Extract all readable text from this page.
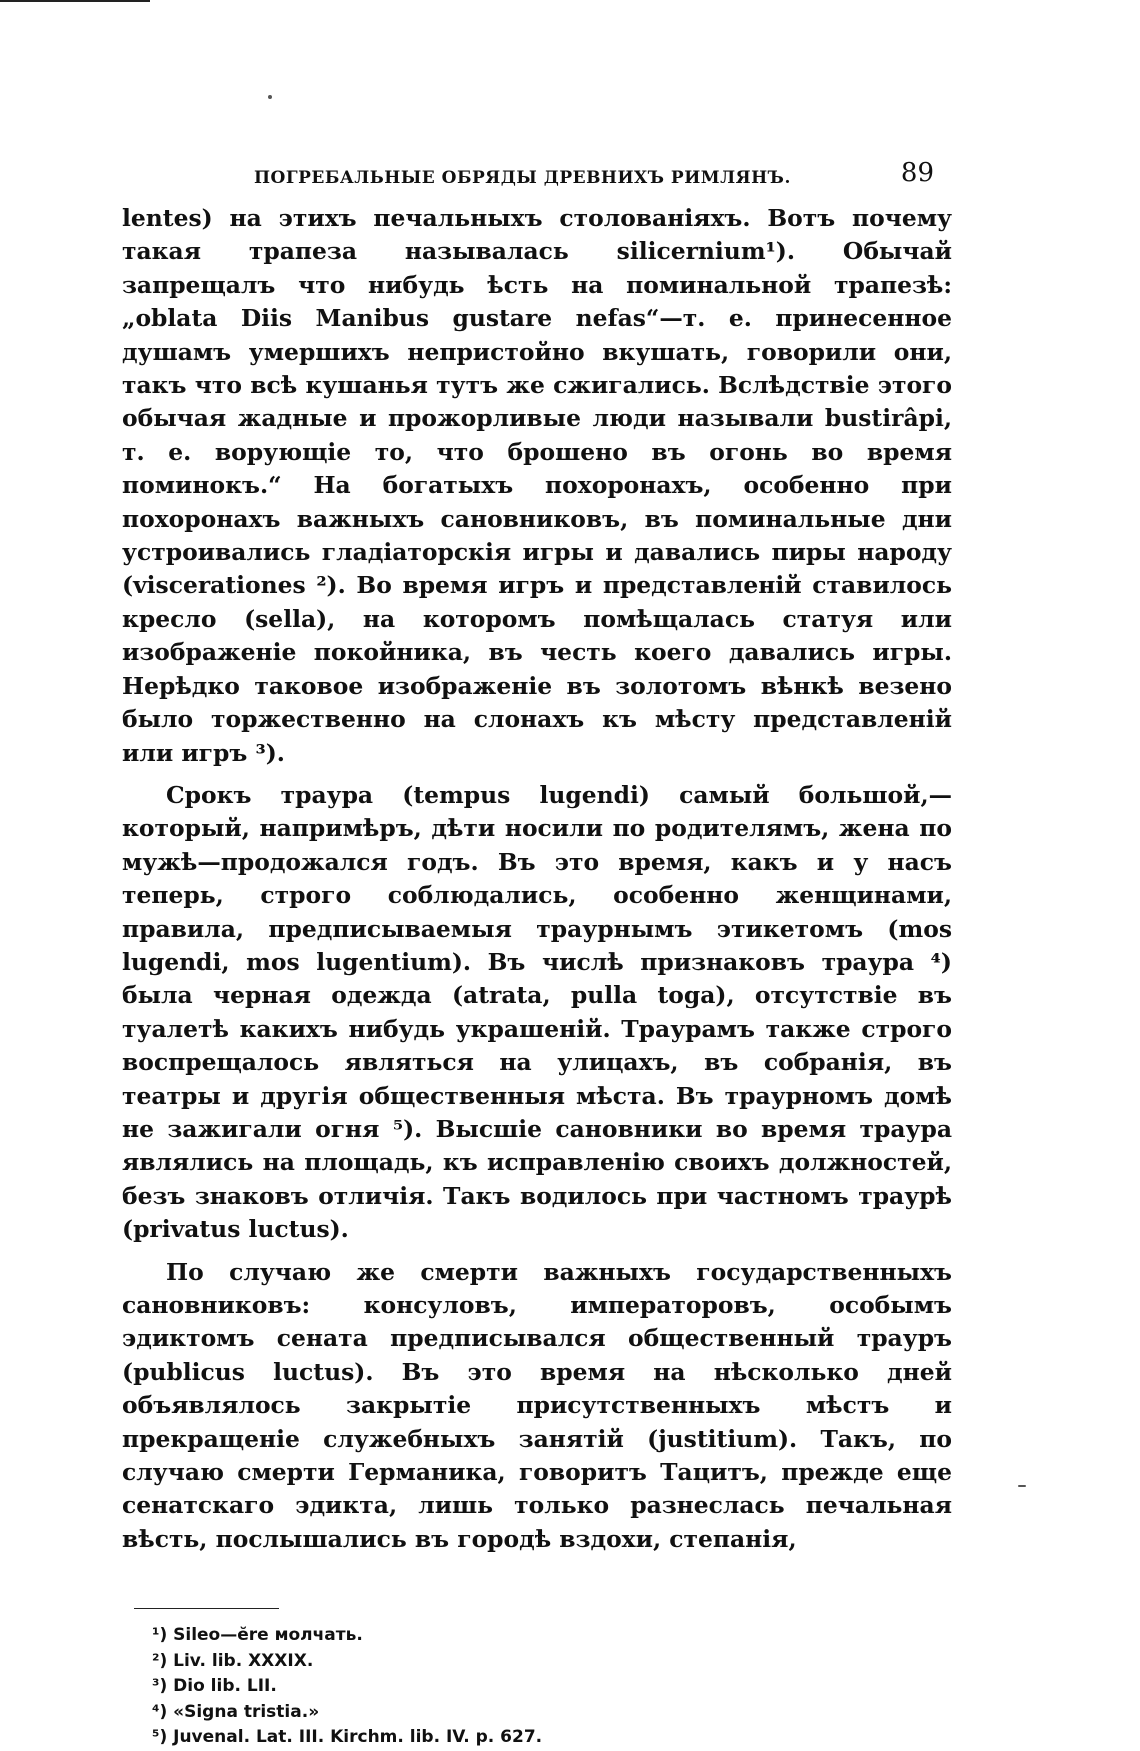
ПОГРЕБАЛЬНЫЕ ОБРЯДЫ ДРЕВНИХЪ РИМЛЯНЪ.	89

lentes) на этихъ печальныхъ столованіяхъ. Вотъ почему такая трапеза называлась silicernium¹). Обычай запрещалъ что нибудь ѣсть на поминальной трапезѣ: „oblata Diis Manibus gustare nefas“—т. е. принесенное душамъ умершихъ непристойно вкушать, говорили они, такъ что всѣ кушанья тутъ же сжигались. Вслѣдствіе этого обычая жадные и прожорливые люди называли bustirâpi, т. е. ворующіе то, что брошено въ огонь во время поминокъ.“ На богатыхъ похоронахъ, особенно при похоронахъ важныхъ сановниковъ, въ поминальные дни устроивались гладіаторскія игры и давались пиры народу (viscerationes ²). Во время игръ и представленій ставилось кресло (sella), на которомъ помѣщалась статуя или изображеніе покойника, въ честь коего давались игры. Нерѣдко таковое изображеніе въ золотомъ вѣнкѣ везено было торжественно на слонахъ къ мѣсту представленій или игръ ³).

Срокъ траура (tempus lugendi) самый большой,—который, напримѣръ, дѣти носили по родителямъ, жена по мужѣ—продожался годъ. Въ это время, какъ и у насъ теперь, строго соблюдались, особенно женщинами, правила, предписываемыя траурнымъ этикетомъ (mos lugendi, mos lugentium). Въ числѣ признаковъ траура ⁴) была черная одежда (atrata, pulla toga), отсутствіе въ туалетѣ какихъ нибудь украшеній. Траурамъ также строго воспрещалось являться на улицахъ, въ собранія, въ театры и другія общественныя мѣста. Въ траурномъ домѣ не зажигали огня ⁵). Высшіе сановники во время траура являлись на площадь, къ исправленію своихъ должностей, безъ знаковъ отличія. Такъ водилось при частномъ трауpѣ (privatus luctus).

По случаю же смерти важныхъ государственныхъ сановниковъ: консуловъ, императоровъ, особымъ эдиктомъ сената предписывался общественный трауръ (publicus luctus). Въ это время на нѣсколько дней объявлялось закрытіе присутственныхъ мѣстъ и прекращеніе служебныхъ занятій (justitium). Такъ, по случаю смерти Германика, говоритъ Тацитъ, прежде еще сенатскаго эдикта, лишь только разнеслась печальная вѣсть, послышались въ городѣ вздохи, степанія,

¹) Sileo—ĕre молчать.
²) Liv. lib. XXXIX.
³) Dio lib. LII.
⁴) «Signa tristia.»
⁵) Juvenal. Lat. III. Kirchm. lib. IV. p. 627.
